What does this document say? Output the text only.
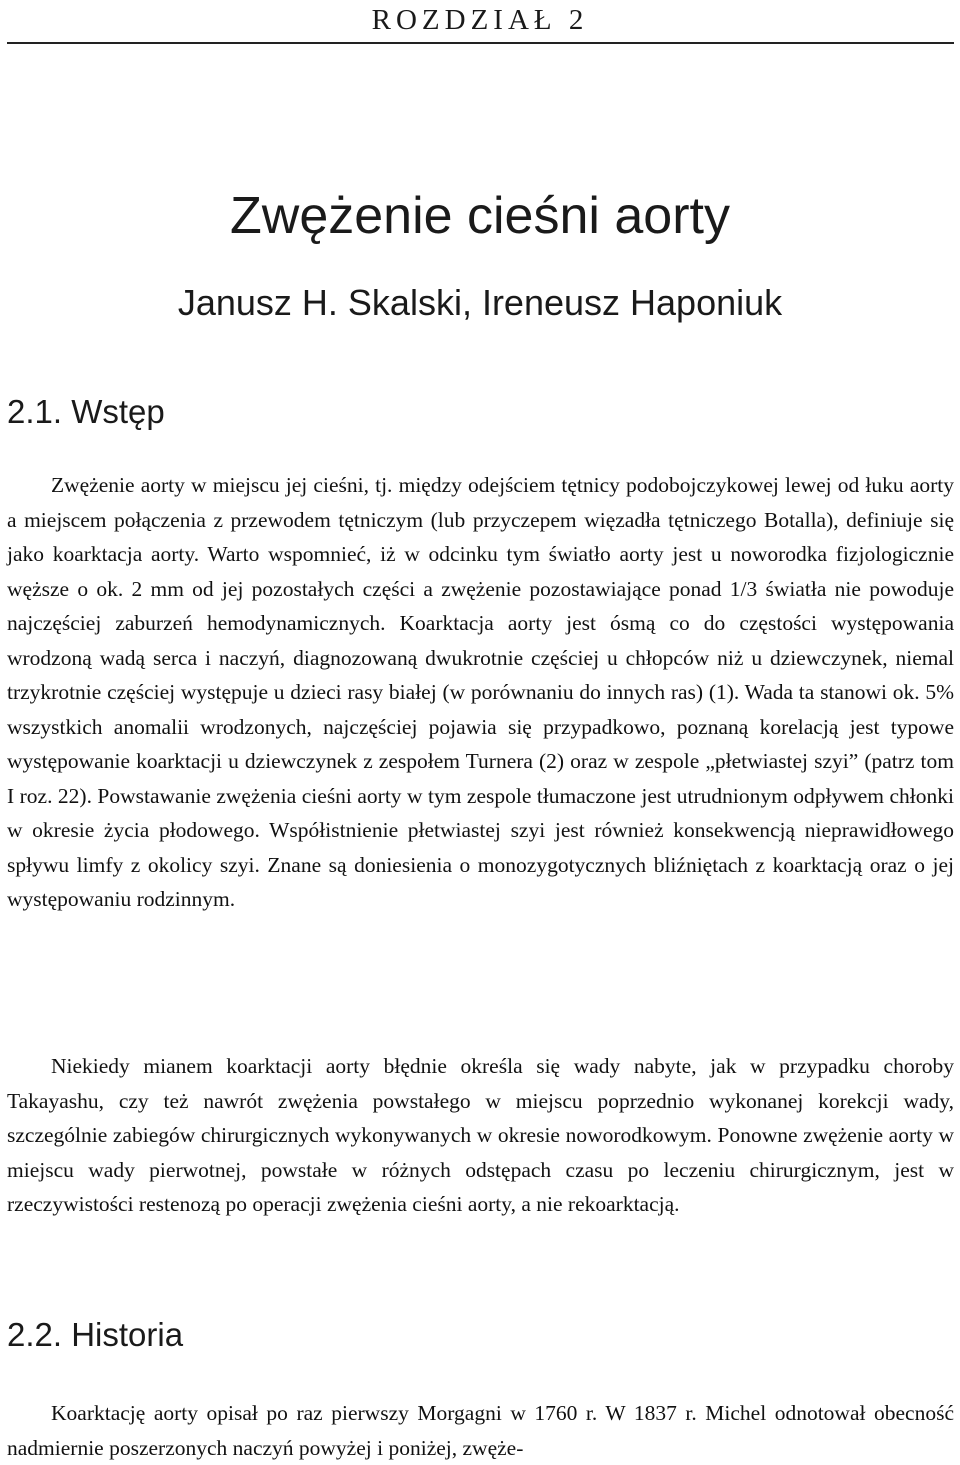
ROZDZIAŁ 2
Zwężenie cieśni aorty
Janusz H. Skalski, Ireneusz Haponiuk
2.1. Wstęp

Zwężenie aorty w miejscu jej cieśni, tj. między odejściem tętnicy podobojczykowej lewej od łuku aorty a miejscem połączenia z przewodem tętniczym (lub przyczepem więzadła tętniczego Botalla), definiuje się jako koarktacja aorty. Warto wspomnieć, iż w odcinku tym światło aorty jest u noworodka fizjologicznie węższe o ok. 2 mm od jej pozostałych części a zwężenie pozostawiające ponad 1/3 światła nie powoduje najczęściej zaburzeń hemodynamicznych. Koarktacja aorty jest ósmą co do częstości występowania wrodzoną wadą serca i naczyń, diagnozowaną dwukrotnie częściej u chłopców niż u dziewczynek, niemal trzykrotnie częściej występuje u dzieci rasy białej (w porównaniu do innych ras) (1). Wada ta stanowi ok. 5% wszystkich anomalii wrodzonych, najczęściej pojawia się przypadkowo, poznaną korelacją jest typowe występowanie koarktacji u dziewczynek z zespołem Turnera (2) oraz w zespole „płetwiastej szyi” (patrz tom I roz. 22). Powstawanie zwężenia cieśni aorty w tym zespole tłumaczone jest utrudnionym odpływem chłonki w okresie życia płodowego. Współistnienie płetwiastej szyi jest również konsekwencją nieprawidłowego spływu limfy z okolicy szyi. Znane są doniesienia o monozygotycznych bliźniętach z koarktacją oraz o jej występowaniu rodzinnym.

Niekiedy mianem koarktacji aorty błędnie określa się wady nabyte, jak w przypadku choroby Takayashu, czy też nawrót zwężenia powstałego w miejscu poprzednio wykonanej korekcji wady, szczególnie zabiegów chirurgicznych wykonywanych w okresie noworodkowym. Ponowne zwężenie aorty w miejscu wady pierwotnej, powstałe w różnych odstępach czasu po leczeniu chirurgicznym, jest w rzeczywistości restenozą po operacji zwężenia cieśni aorty, a nie rekoarktacją.

2.2. Historia

Koarktację aorty opisał po raz pierwszy Morgagni w 1760 r. W 1837 r. Michel odnotował obecność nadmiernie poszerzonych naczyń powyżej i poniżej, zwęże-
